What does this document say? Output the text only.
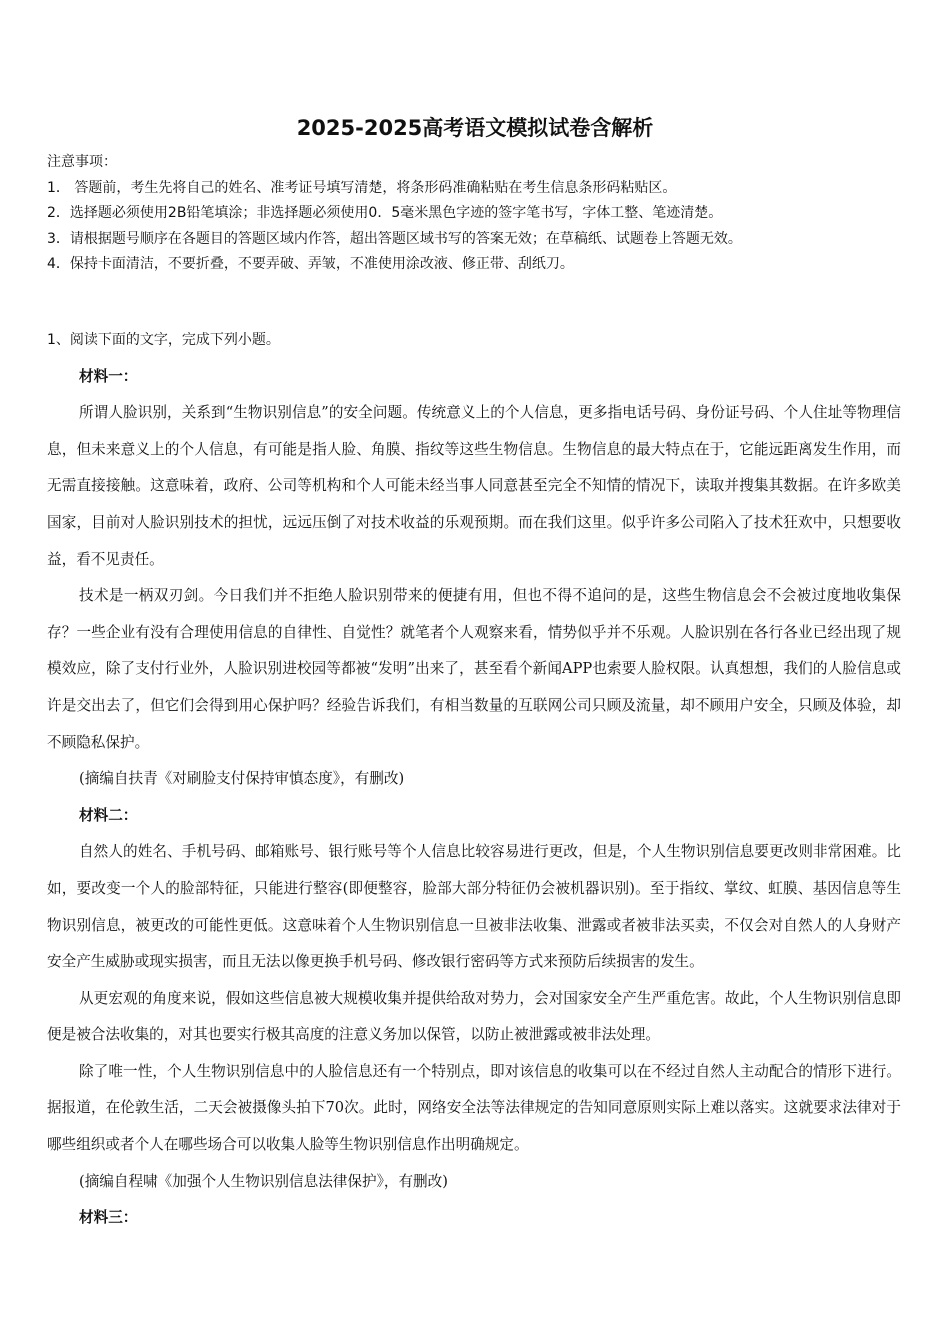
2025-2025高考语文模拟试卷含解析
注意事项：
1． 答题前，考生先将自己的姓名、准考证号填写清楚，将条形码准确粘贴在考生信息条形码粘贴区。
2．选择题必须使用2B铅笔填涂；非选择题必须使用0．5毫米黑色字迹的签字笔书写，字体工整、笔迹清楚。
3．请根据题号顺序在各题目的答题区域内作答，超出答题区域书写的答案无效；在草稿纸、试题卷上答题无效。
4．保持卡面清洁，不要折叠，不要弄破、弄皱，不准使用涂改液、修正带、刮纸刀。
1、阅读下面的文字，完成下列小题。
材料一：

所谓人脸识别，关系到“生物识别信息”的安全问题。传统意义上的个人信息，更多指电话号码、身份证号码、个人住址等物理信息，但未来意义上的个人信息，有可能是指人脸、角膜、指纹等这些生物信息。生物信息的最大特点在于，它能远距离发生作用，而无需直接接触。这意味着，政府、公司等机构和个人可能未经当事人同意甚至完全不知情的情况下，读取并搜集其数据。在许多欧美国家，目前对人脸识别技术的担忧，远远压倒了对技术收益的乐观预期。而在我们这里。似乎许多公司陷入了技术狂欢中，只想要收益，看不见责任。

技术是一柄双刃剑。今日我们并不拒绝人脸识别带来的便捷有用，但也不得不追问的是，这些生物信息会不会被过度地收集保存？一些企业有没有合理使用信息的自律性、自觉性？就笔者个人观察来看，情势似乎并不乐观。人脸识别在各行各业已经出现了规模效应，除了支付行业外，人脸识别进校园等都被“发明”出来了，甚至看个新闻APP也索要人脸权限。认真想想，我们的人脸信息或许是交出去了，但它们会得到用心保护吗？经验告诉我们，有相当数量的互联网公司只顾及流量，却不顾用户安全，只顾及体验，却不顾隐私保护。

(摘编自扶青《对刷脸支付保持审慎态度》，有删改)
材料二：

自然人的姓名、手机号码、邮箱账号、银行账号等个人信息比较容易进行更改，但是，个人生物识别信息要更改则非常困难。比如，要改变一个人的脸部特征，只能进行整容(即便整容，脸部大部分特征仍会被机器识别)。至于指纹、掌纹、虹膜、基因信息等生物识别信息，被更改的可能性更低。这意味着个人生物识别信息一旦被非法收集、泄露或者被非法买卖，不仅会对自然人的人身财产安全产生威胁或现实损害，而且无法以像更换手机号码、修改银行密码等方式来预防后续损害的发生。

从更宏观的角度来说，假如这些信息被大规模收集并提供给敌对势力，会对国家安全产生严重危害。故此，个人生物识别信息即便是被合法收集的，对其也要实行极其高度的注意义务加以保管，以防止被泄露或被非法处理。

除了唯一性，个人生物识别信息中的人脸信息还有一个特别点，即对该信息的收集可以在不经过自然人主动配合的情形下进行。据报道，在伦敦生活，二天会被摄像头拍下70次。此时，网络安全法等法律规定的告知同意原则实际上难以落实。这就要求法律对于哪些组织或者个人在哪些场合可以收集人脸等生物识别信息作出明确规定。

(摘编自程啸《加强个人生物识别信息法律保护》，有删改)
材料三：
